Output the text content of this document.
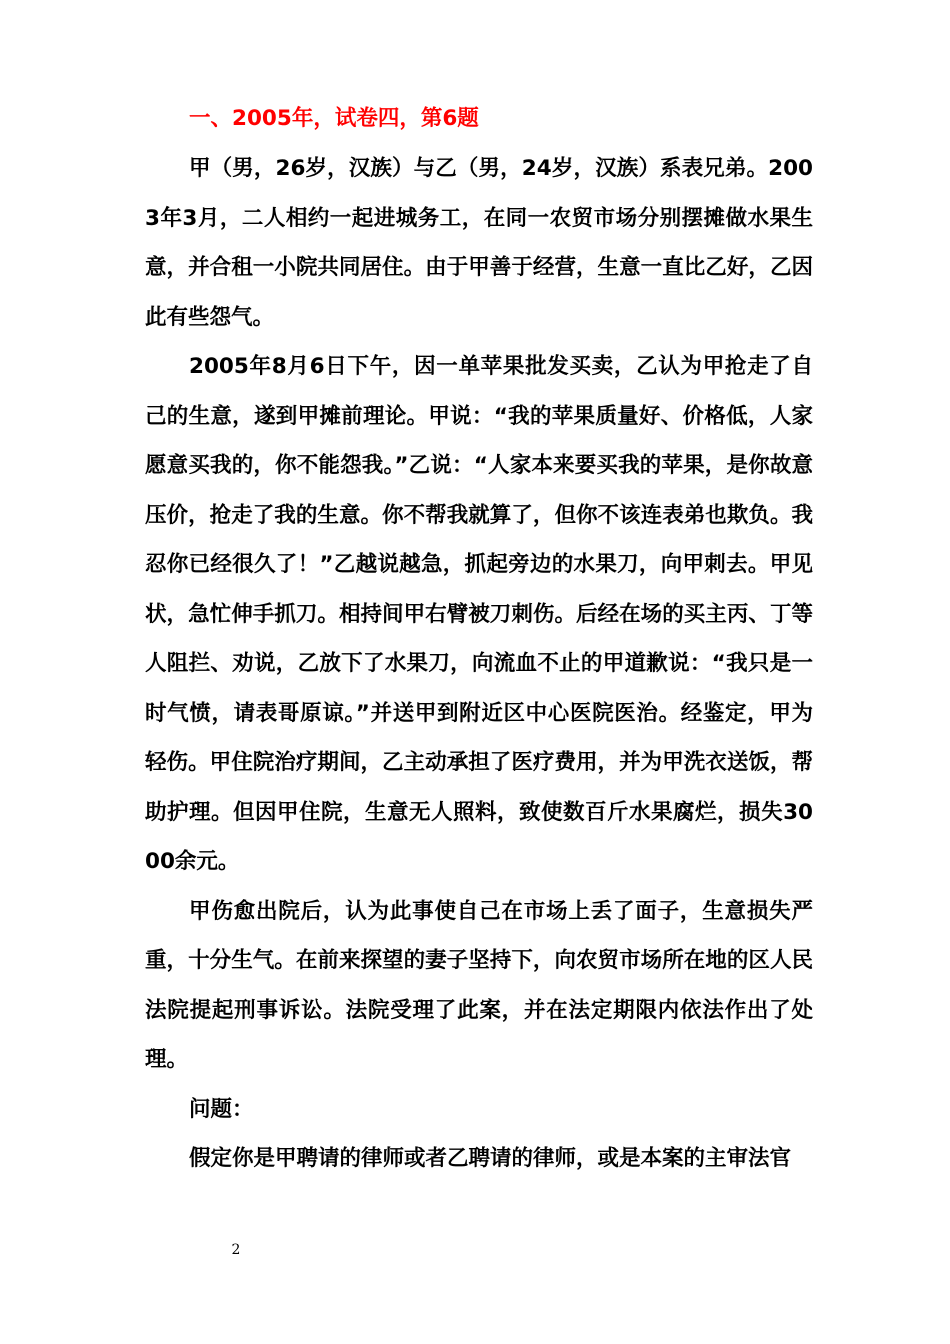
一、2005年，试卷四，第6题

甲（男，26岁，汉族）与乙（男，24岁，汉族）系表兄弟。2003年3月，二人相约一起进城务工，在同一农贸市场分别摆摊做水果生意，并合租一小院共同居住。由于甲善于经营，生意一直比乙好，乙因此有些怨气。

2005年8月6日下午，因一单苹果批发买卖，乙认为甲抢走了自己的生意，遂到甲摊前理论。甲说：“我的苹果质量好、价格低，人家愿意买我的，你不能怨我。”乙说：“人家本来要买我的苹果，是你故意压价，抢走了我的生意。你不帮我就算了，但你不该连表弟也欺负。我忍你已经很久了！”乙越说越急，抓起旁边的水果刀，向甲刺去。甲见状，急忙伸手抓刀。相持间甲右臂被刀刺伤。后经在场的买主丙、丁等人阻拦、劝说，乙放下了水果刀，向流血不止的甲道歉说：“我只是一时气愤，请表哥原谅。”并送甲到附近区中心医院医治。经鉴定，甲为轻伤。甲住院治疗期间，乙主动承担了医疗费用，并为甲洗衣送饭，帮助护理。但因甲住院，生意无人照料，致使数百斤水果腐烂，损失3000余元。

甲伤愈出院后，认为此事使自己在市场上丢了面子，生意损失严重，十分生气。在前来探望的妻子坚持下，向农贸市场所在地的区人民法院提起刑事诉讼。法院受理了此案，并在法定期限内依法作出了处理。

问题：

假定你是甲聘请的律师或者乙聘请的律师，或是本案的主审法官

2
